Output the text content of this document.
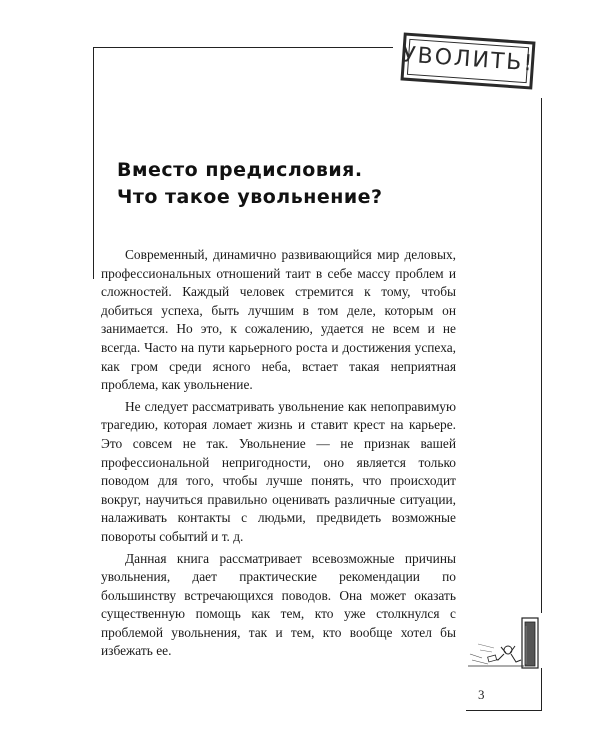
УВОЛИТЬ!
Вместо предисловия.
Что такое увольнение?

Современный, динамично развивающийся мир деловых, профессиональных отношений таит в себе массу проблем и сложностей. Каждый человек стремится к тому, чтобы добиться успеха, быть лучшим в том деле, которым он занимается. Но это, к сожалению, удается не всем и не всегда. Часто на пути карьерного роста и достижения успеха, как гром среди ясного неба, встает такая неприятная проблема, как увольнение.

Не следует рассматривать увольнение как непоправимую трагедию, которая ломает жизнь и ставит крест на карьере. Это совсем не так. Увольнение — не признак вашей профессиональной непригодности, оно является только поводом для того, чтобы лучше понять, что происходит вокруг, научиться правильно оценивать различные ситуации, налаживать контакты с людьми, предвидеть возможные повороты событий и т. д.

Данная книга рассматривает всевозможные причины увольнения, дает практические рекомендации по большинству встречающихся поводов. Она может оказать существенную помощь как тем, кто уже столкнулся с проблемой увольнения, так и тем, кто вообще хотел бы избежать ее.

3
